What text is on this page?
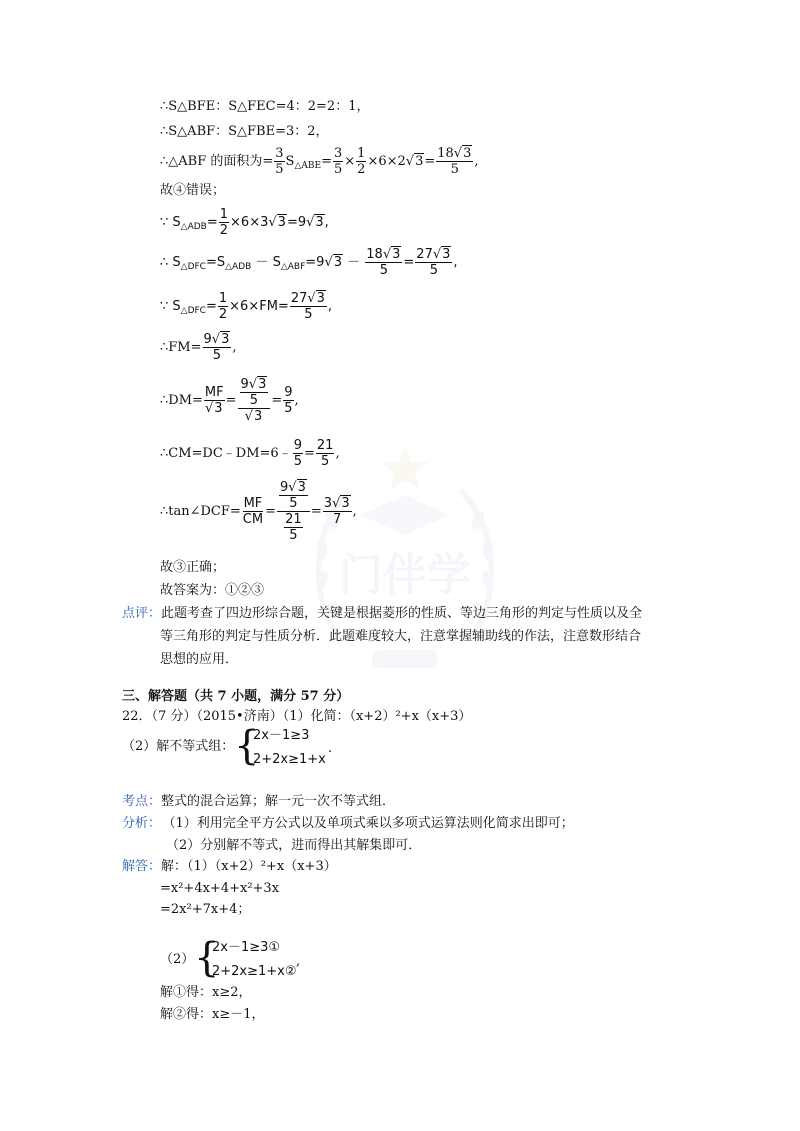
门伴学
∴S△BFE：S△FEC=4：2=2：1，
∴S△ABF：S△FBE=3：2，
∴△ABF 的面积为= $\frac{3}{5} S_{\triangle ABE}= \frac{3}{5} \times \frac{1}{2} \times 6\times 2√3= \frac{18√3}{5}$ ,
故④错误；
∵ $S_{\triangle ADB}= \frac{1}{2} \times 6\times 3√3=9√3$,
∴ $S_{\triangle DFC}=S_{\triangle ADB} - S_{\triangle ABF}=9√3 - \frac{18√3}{5} = \frac{27√3}{5}$ ,
∵ $S_{\triangle DFC}= \frac{1}{2} \times 6\times FM= \frac{27√3}{5}$ ,
∴FM= $\frac{9√3}{5}$ ,
∴DM= $\frac{MF}{√3} = \frac{\frac{9√3}{5}}{√3} = \frac{9}{5}$ ,
∴CM=DC﹣DM=6﹣ $\frac{9}{5} = \frac{21}{5}$ ,
∴tan∠DCF= $\frac{MF}{CM} = \frac{\frac{9√3}{5}}{\frac{21}{5}} = \frac{3√3}{7}$ ,
故③正确；
故答案为：①②③
点评：此题考查了四边形综合题，关键是根据菱形的性质、等边三角形的判定与性质以及全
等三角形的判定与性质分析．此题难度较大，注意掌握辅助线的作法，注意数形结合
思想的应用．
三、解答题（共 7 小题，满分 57 分）
22．（7 分）（2015•济南）（1）化简：（x+2）²+x（x+3）
（2）解不等式组： {
2x－1≥3
2+2x≥1+x
.
考点：整式的混合运算；解一元一次不等式组．
分析： （1）利用完全平方公式以及单项式乘以多项式运算法则化简求出即可；
（2）分别解不等式，进而得出其解集即可．
解答：解：（1）（x+2）²+x（x+3）
=x²+4x+4+x²+3x
=2x²+7x+4；
（2） {
2x－1≥3①
2+2x≥1+x②
,
解①得：x≥2，
解②得：x≥－1，
